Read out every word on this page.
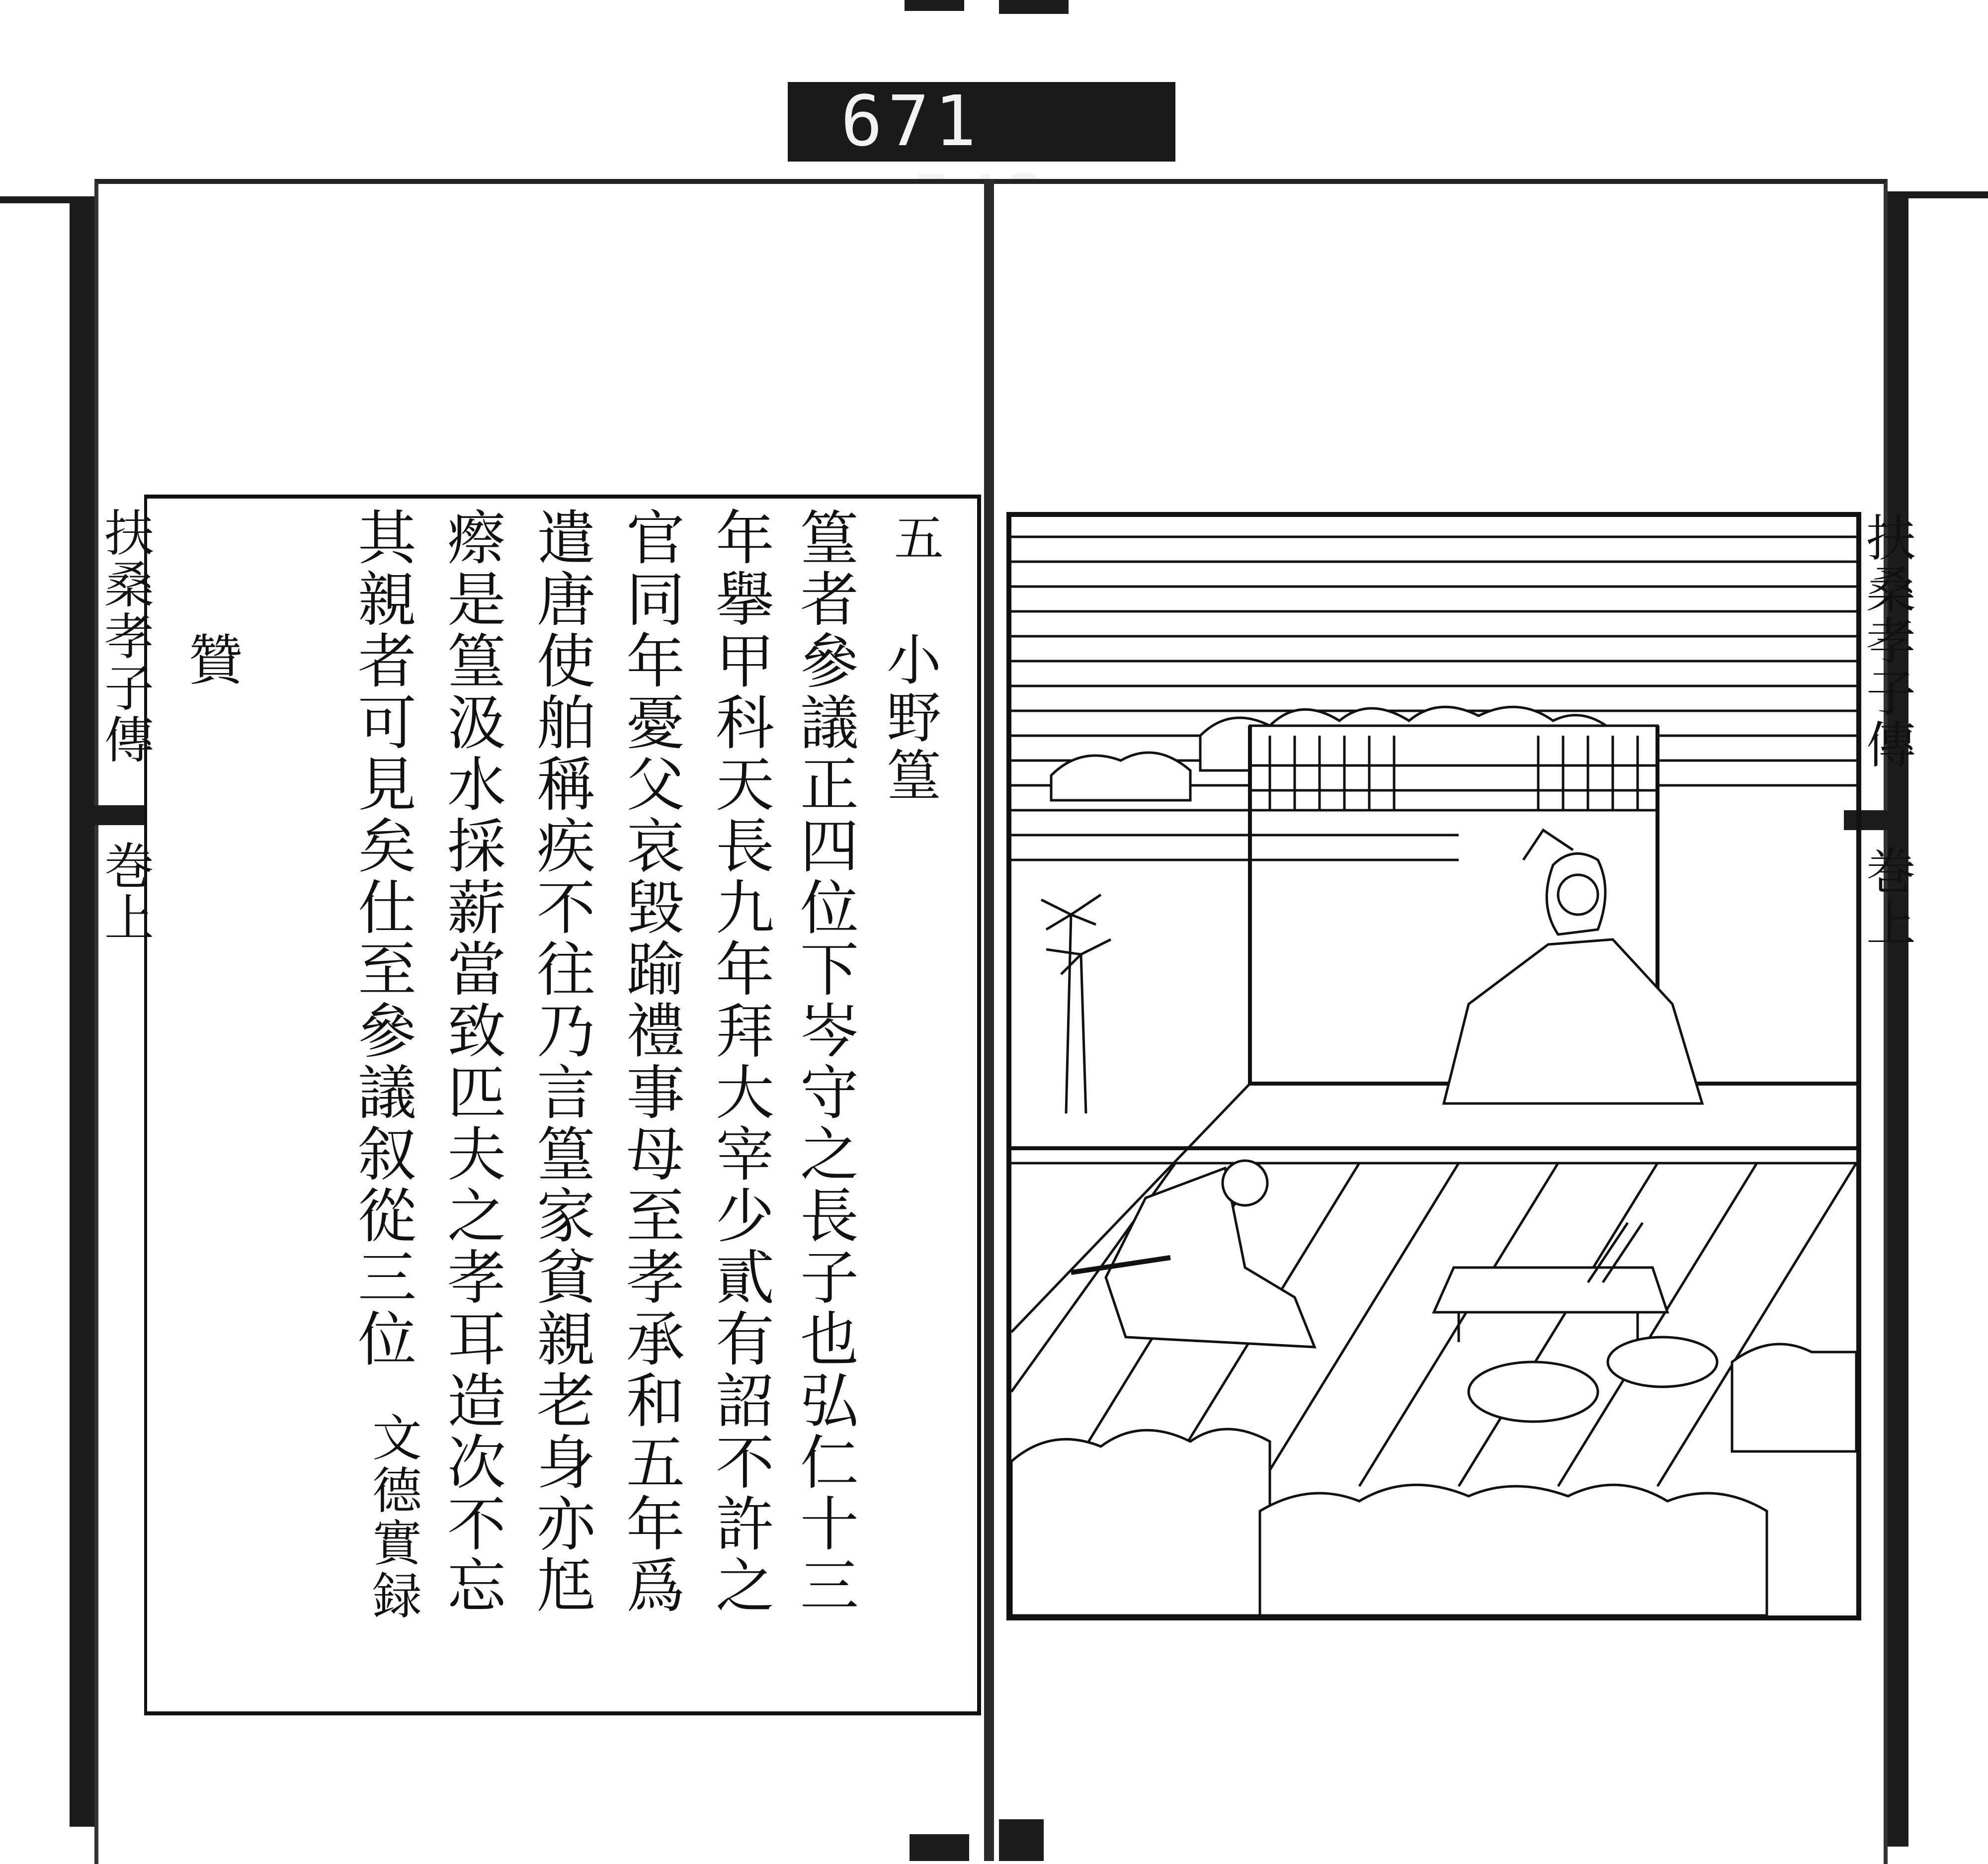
671
扶桑孝子傳
巻上
扶桑孝子傳
巻上
五
小野篁
篁者參議正四位下岑守之長子也弘仁十三
年擧甲科天長九年拜大宰少貳有詔不許之
官同年憂父哀毀踰禮事母至孝承和五年爲
遣唐使舶稱疾不往乃言篁家貧親老身亦尪
瘵是篁汲水採薪當致匹夫之孝耳造次不忘
其親者可見矣仕至參議叙從三位
文德實録
贊
